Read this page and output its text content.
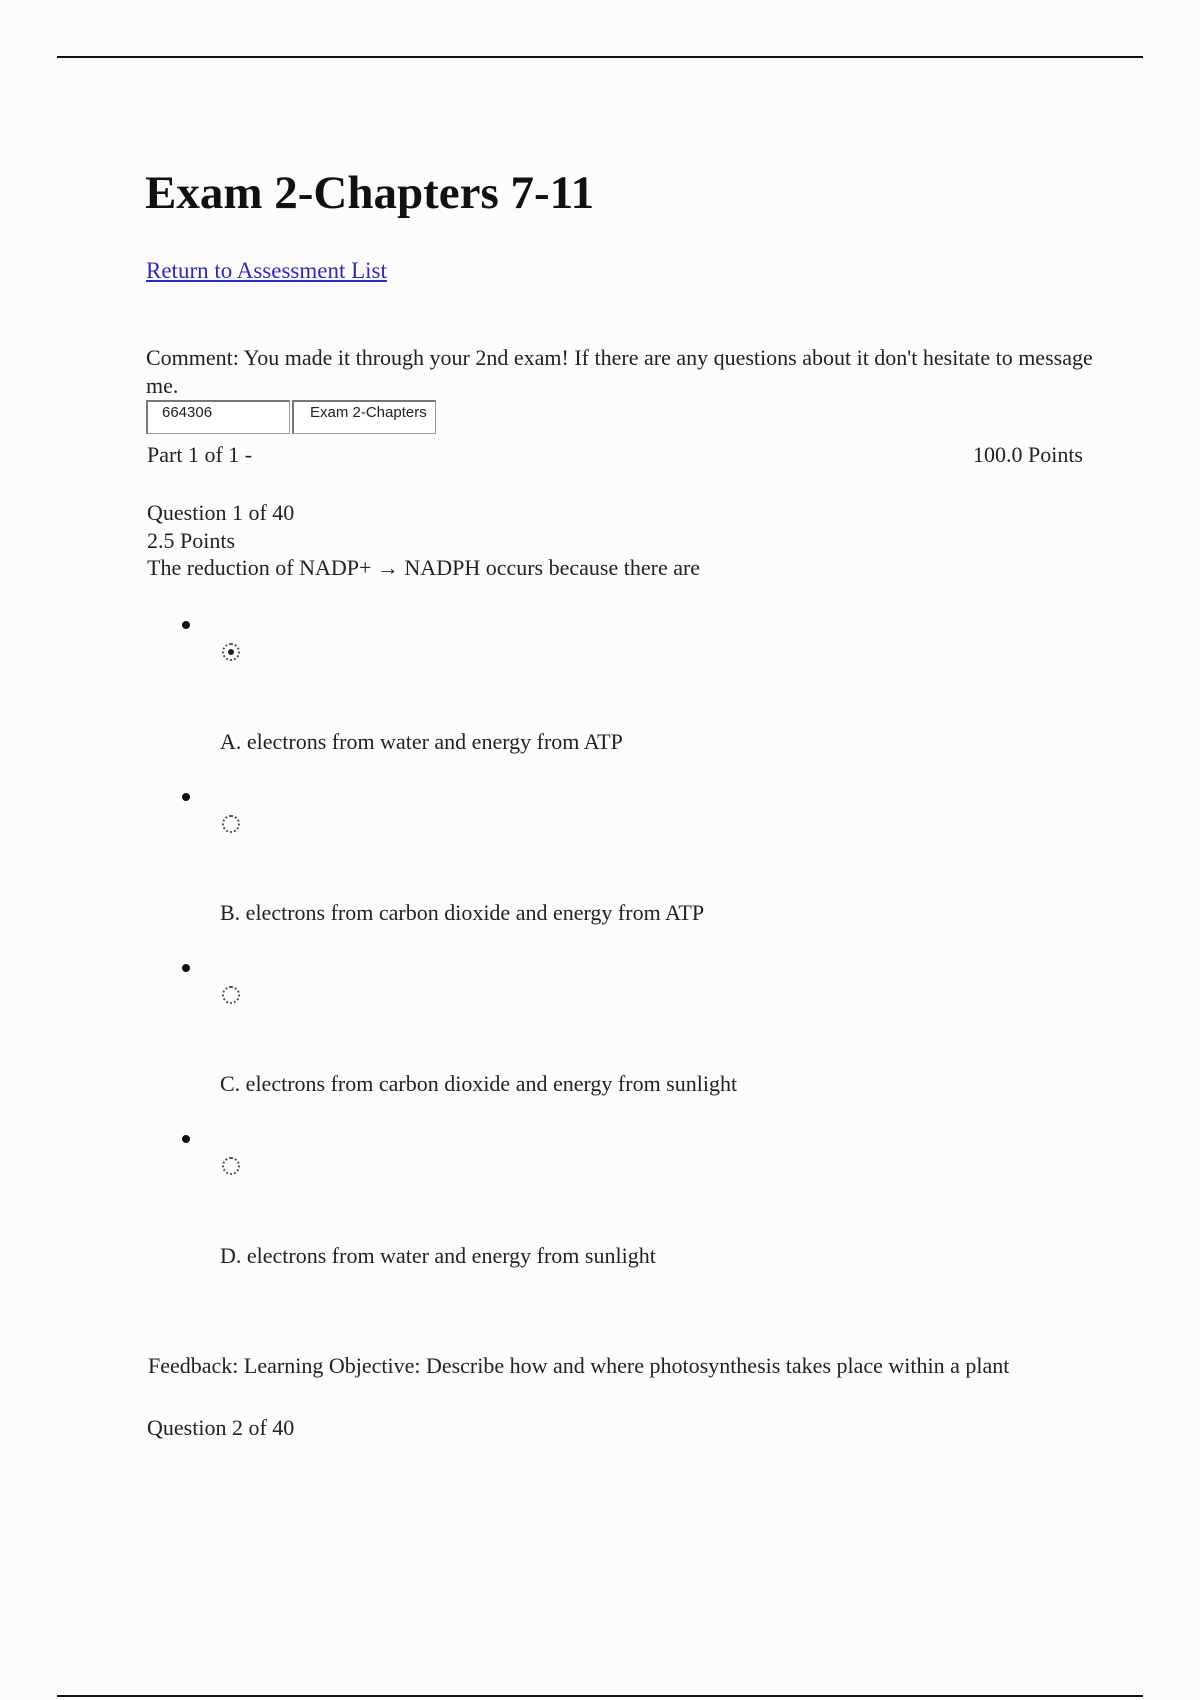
Exam 2-Chapters 7-11
Return to Assessment List
Comment: You made it through your 2nd exam! If there are any questions about it don't hesitate to message me.
664306	Exam 2-Chapters
Part 1 of 1 -	100.0 Points
Question 1 of 40
2.5 Points
The reduction of NADP+ → NADPH occurs because there are
A. electrons from water and energy from ATP
B. electrons from carbon dioxide and energy from ATP
C. electrons from carbon dioxide and energy from sunlight
D. electrons from water and energy from sunlight
Feedback: Learning Objective: Describe how and where photosynthesis takes place within a plant
Question 2 of 40
